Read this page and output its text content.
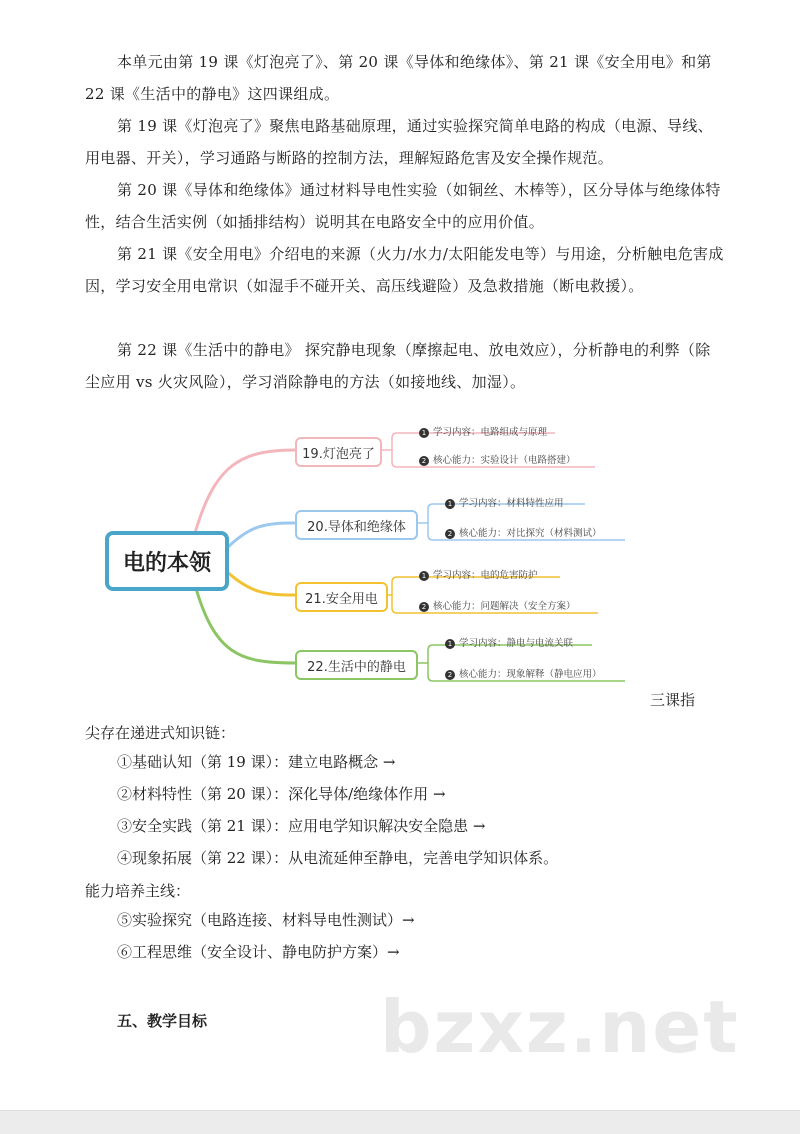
本单元由第 19 课《灯泡亮了》、第 20 课《导体和绝缘体》、第 21 课《安全用电》和第 22 课《生活中的静电》这四课组成。
第 19 课《灯泡亮了》聚焦电路基础原理，通过实验探究简单电路的构成（电源、导线、用电器、开关），学习通路与断路的控制方法，理解短路危害及安全操作规范。
第 20 课《导体和绝缘体》通过材料导电性实验（如铜丝、木棒等），区分导体与绝缘体特性，结合生活实例（如插排结构）说明其在电路安全中的应用价值。
第 21 课《安全用电》介绍电的来源（火力/水力/太阳能发电等）与用途，分析触电危害成因，学习安全用电常识（如湿手不碰开关、高压线避险）及急救措施（断电救援）。
第 22 课《生活中的静电》 探究静电现象（摩擦起电、放电效应），分析静电的利弊（除尘应用 vs 火灾风险），学习消除静电的方法（如接地线、加湿）。
电的本领
19.灯泡亮了
1 学习内容：电路组成与原理
2 核心能力：实验设计（电路搭建）
20.导体和绝缘体
1 学习内容：材料特性应用
2 核心能力：对比探究（材料测试）
21.安全用电
1 学习内容：电的危害防护
2 核心能力：问题解决（安全方案）
22.生活中的静电
1 学习内容：静电与电流关联
2 核心能力：现象解释（静电应用）
三课指
尖存在递进式知识链：
①基础认知（第 19 课）：建立电路概念 →
②材料特性（第 20 课）：深化导体/绝缘体作用 →
③安全实践（第 21 课）：应用电学知识解决安全隐患 →
④现象拓展（第 22 课）：从电流延伸至静电，完善电学知识体系。
能力培养主线：
⑤实验探究（电路连接、材料导电性测试）→
⑥工程思维（安全设计、静电防护方案）→
五、教学目标 bzxz.net
